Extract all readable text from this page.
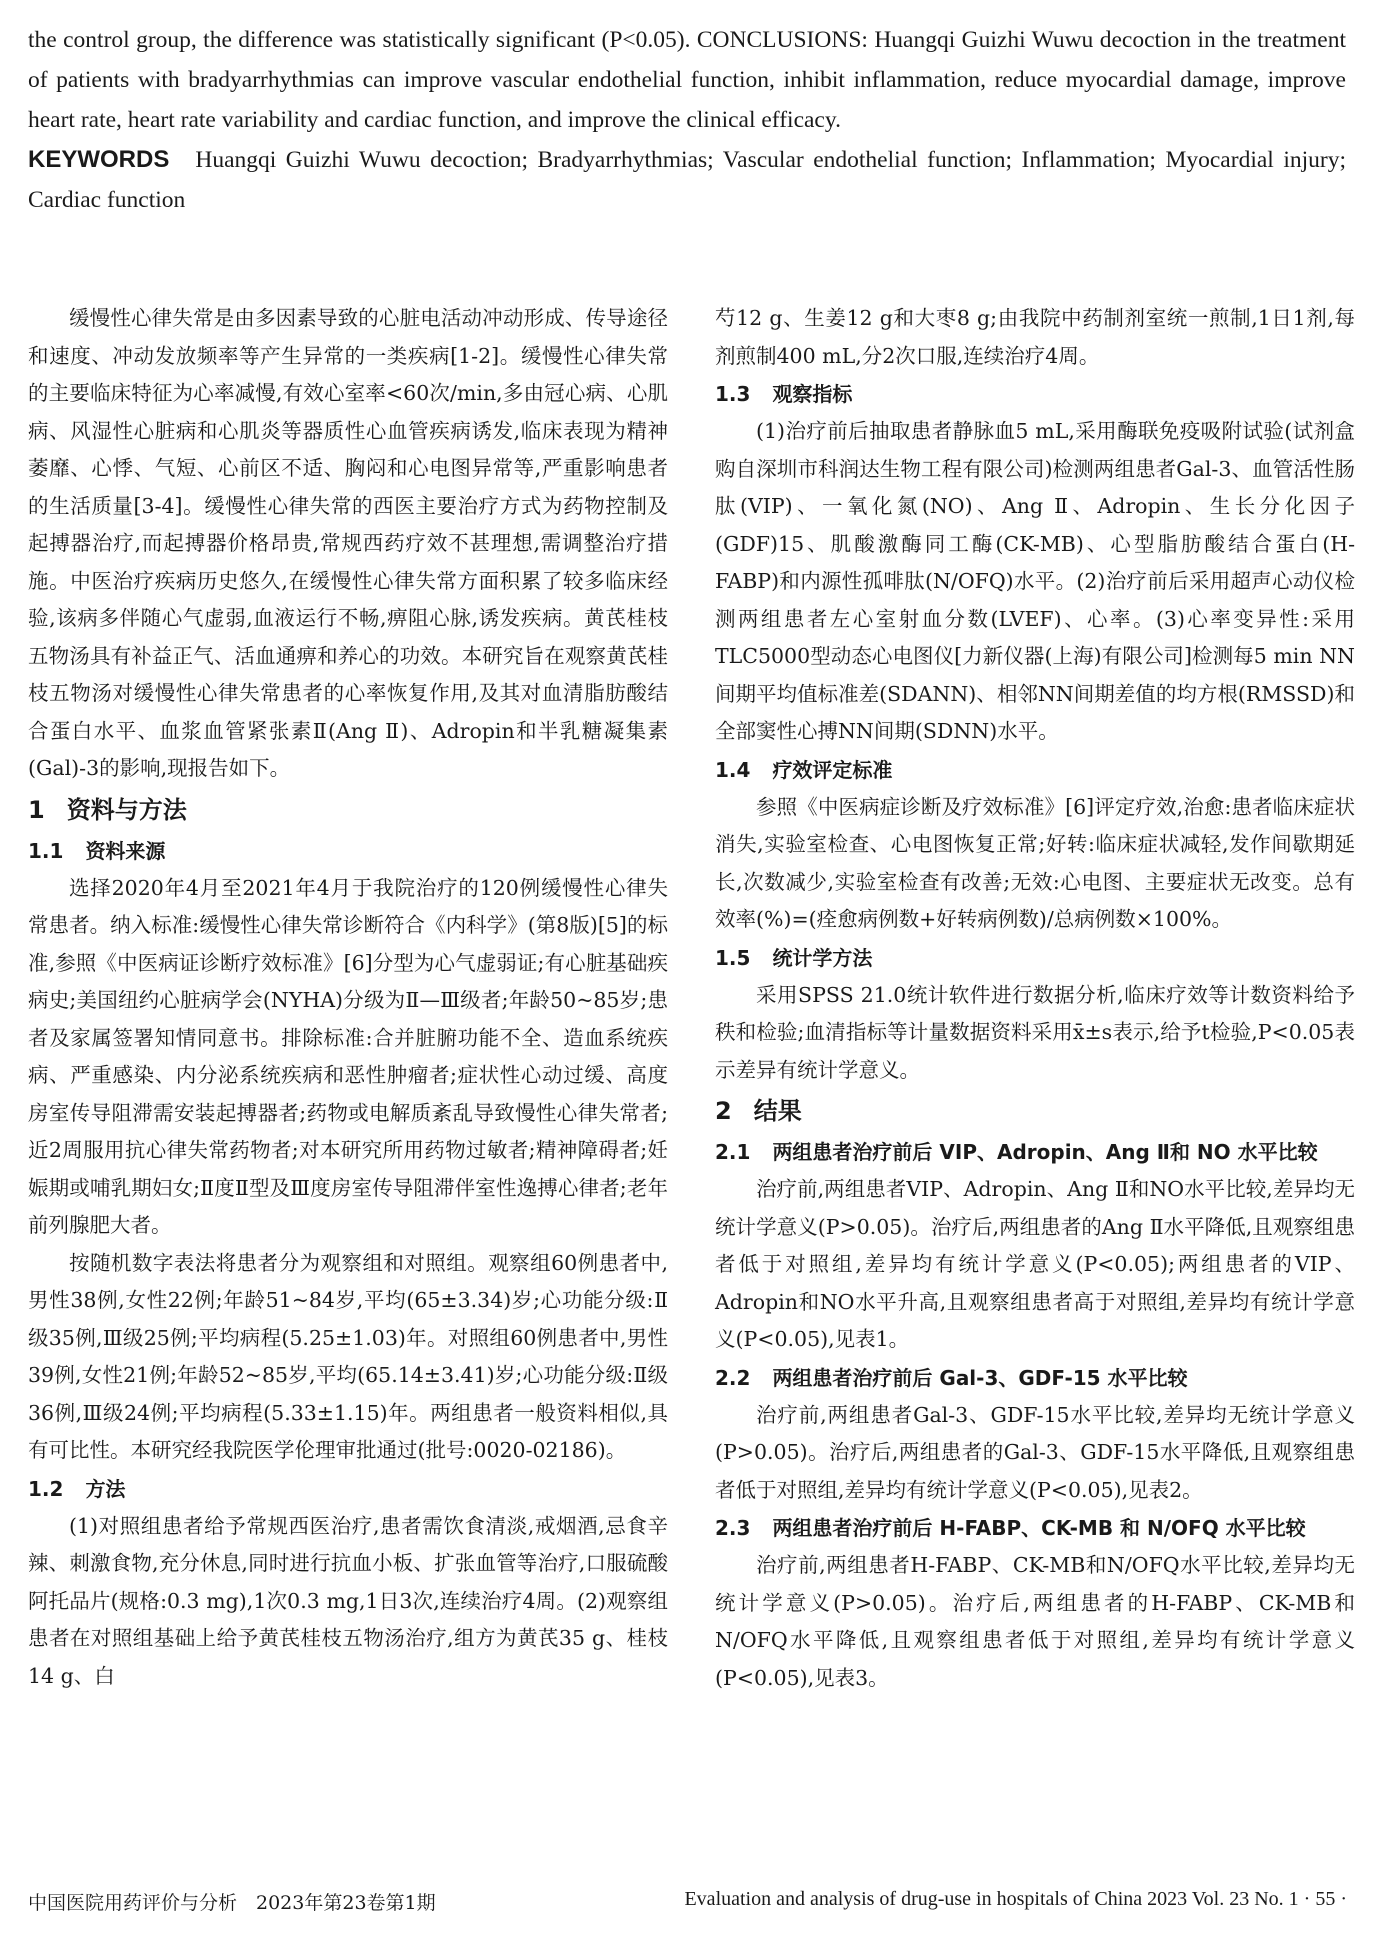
the control group, the difference was statistically significant (P<0.05). CONCLUSIONS: Huangqi Guizhi Wuwu decoction in the treatment of patients with bradyarrhythmias can improve vascular endothelial function, inhibit inflammation, reduce myocardial damage, improve heart rate, heart rate variability and cardiac function, and improve the clinical efficacy.

KEYWORDS Huangqi Guizhi Wuwu decoction; Bradyarrhythmias; Vascular endothelial function; Inflammation; Myocardial injury; Cardiac function

缓慢性心律失常是由多因素导致的心脏电活动冲动形成、传导途径和速度、冲动发放频率等产生异常的一类疾病[1-2]。缓慢性心律失常的主要临床特征为心率减慢,有效心室率<60次/min,多由冠心病、心肌病、风湿性心脏病和心肌炎等器质性心血管疾病诱发,临床表现为精神萎靡、心悸、气短、心前区不适、胸闷和心电图异常等,严重影响患者的生活质量[3-4]。缓慢性心律失常的西医主要治疗方式为药物控制及起搏器治疗,而起搏器价格昂贵,常规西药疗效不甚理想,需调整治疗措施。中医治疗疾病历史悠久,在缓慢性心律失常方面积累了较多临床经验,该病多伴随心气虚弱,血液运行不畅,痹阻心脉,诱发疾病。黄芪桂枝五物汤具有补益正气、活血通痹和养心的功效。本研究旨在观察黄芪桂枝五物汤对缓慢性心律失常患者的心率恢复作用,及其对血清脂肪酸结合蛋白水平、血浆血管紧张素Ⅱ(Ang Ⅱ)、Adropin和半乳糖凝集素(Gal)-3的影响,现报告如下。

1 资料与方法
1.1 资料来源

选择2020年4月至2021年4月于我院治疗的120例缓慢性心律失常患者。纳入标准:缓慢性心律失常诊断符合《内科学》(第8版)[5]的标准,参照《中医病证诊断疗效标准》[6]分型为心气虚弱证;有心脏基础疾病史;美国纽约心脏病学会(NYHA)分级为Ⅱ—Ⅲ级者;年龄50~85岁;患者及家属签署知情同意书。排除标准:合并脏腑功能不全、造血系统疾病、严重感染、内分泌系统疾病和恶性肿瘤者;症状性心动过缓、高度房室传导阻滞需安装起搏器者;药物或电解质紊乱导致慢性心律失常者;近2周服用抗心律失常药物者;对本研究所用药物过敏者;精神障碍者;妊娠期或哺乳期妇女;Ⅱ度Ⅱ型及Ⅲ度房室传导阻滞伴室性逸搏心律者;老年前列腺肥大者。

按随机数字表法将患者分为观察组和对照组。观察组60例患者中,男性38例,女性22例;年龄51~84岁,平均(65±3.34)岁;心功能分级:Ⅱ级35例,Ⅲ级25例;平均病程(5.25±1.03)年。对照组60例患者中,男性39例,女性21例;年龄52~85岁,平均(65.14±3.41)岁;心功能分级:Ⅱ级36例,Ⅲ级24例;平均病程(5.33±1.15)年。两组患者一般资料相似,具有可比性。本研究经我院医学伦理审批通过(批号:0020-02186)。

1.2 方法

(1)对照组患者给予常规西医治疗,患者需饮食清淡,戒烟酒,忌食辛辣、刺激食物,充分休息,同时进行抗血小板、扩张血管等治疗,口服硫酸阿托品片(规格:0.3 mg),1次0.3 mg,1日3次,连续治疗4周。(2)观察组患者在对照组基础上给予黄芪桂枝五物汤治疗,组方为黄芪35 g、桂枝14 g、白

芍12 g、生姜12 g和大枣8 g;由我院中药制剂室统一煎制,1日1剂,每剂煎制400 mL,分2次口服,连续治疗4周。

1.3 观察指标

(1)治疗前后抽取患者静脉血5 mL,采用酶联免疫吸附试验(试剂盒购自深圳市科润达生物工程有限公司)检测两组患者Gal-3、血管活性肠肽(VIP)、一氧化氮(NO)、Ang Ⅱ、Adropin、生长分化因子(GDF)15、肌酸激酶同工酶(CK-MB)、心型脂肪酸结合蛋白(H-FABP)和内源性孤啡肽(N/OFQ)水平。(2)治疗前后采用超声心动仪检测两组患者左心室射血分数(LVEF)、心率。(3)心率变异性:采用TLC5000型动态心电图仪[力新仪器(上海)有限公司]检测每5 min NN间期平均值标准差(SDANN)、相邻NN间期差值的均方根(RMSSD)和全部窦性心搏NN间期(SDNN)水平。

1.4 疗效评定标准

参照《中医病症诊断及疗效标准》[6]评定疗效,治愈:患者临床症状消失,实验室检查、心电图恢复正常;好转:临床症状减轻,发作间歇期延长,次数减少,实验室检查有改善;无效:心电图、主要症状无改变。总有效率(%)=(痊愈病例数+好转病例数)/总病例数×100%。

1.5 统计学方法

采用SPSS 21.0统计软件进行数据分析,临床疗效等计数资料给予秩和检验;血清指标等计量数据资料采用x̄±s表示,给予t检验,P<0.05表示差异有统计学意义。

2 结果
2.1 两组患者治疗前后 VIP、Adropin、Ang Ⅱ和 NO 水平比较

治疗前,两组患者VIP、Adropin、Ang Ⅱ和NO水平比较,差异均无统计学意义(P>0.05)。治疗后,两组患者的Ang Ⅱ水平降低,且观察组患者低于对照组,差异均有统计学意义(P<0.05);两组患者的VIP、Adropin和NO水平升高,且观察组患者高于对照组,差异均有统计学意义(P<0.05),见表1。

2.2 两组患者治疗前后 Gal-3、GDF-15 水平比较

治疗前,两组患者Gal-3、GDF-15水平比较,差异均无统计学意义(P>0.05)。治疗后,两组患者的Gal-3、GDF-15水平降低,且观察组患者低于对照组,差异均有统计学意义(P<0.05),见表2。

2.3 两组患者治疗前后 H-FABP、CK-MB 和 N/OFQ 水平比较

治疗前,两组患者H-FABP、CK-MB和N/OFQ水平比较,差异均无统计学意义(P>0.05)。治疗后,两组患者的H-FABP、CK-MB和N/OFQ水平降低,且观察组患者低于对照组,差异均有统计学意义(P<0.05),见表3。

中国医院用药评价与分析　2023年第23卷第1期	Evaluation and analysis of drug-use in hospitals of China 2023 Vol. 23 No. 1 · 55 ·
